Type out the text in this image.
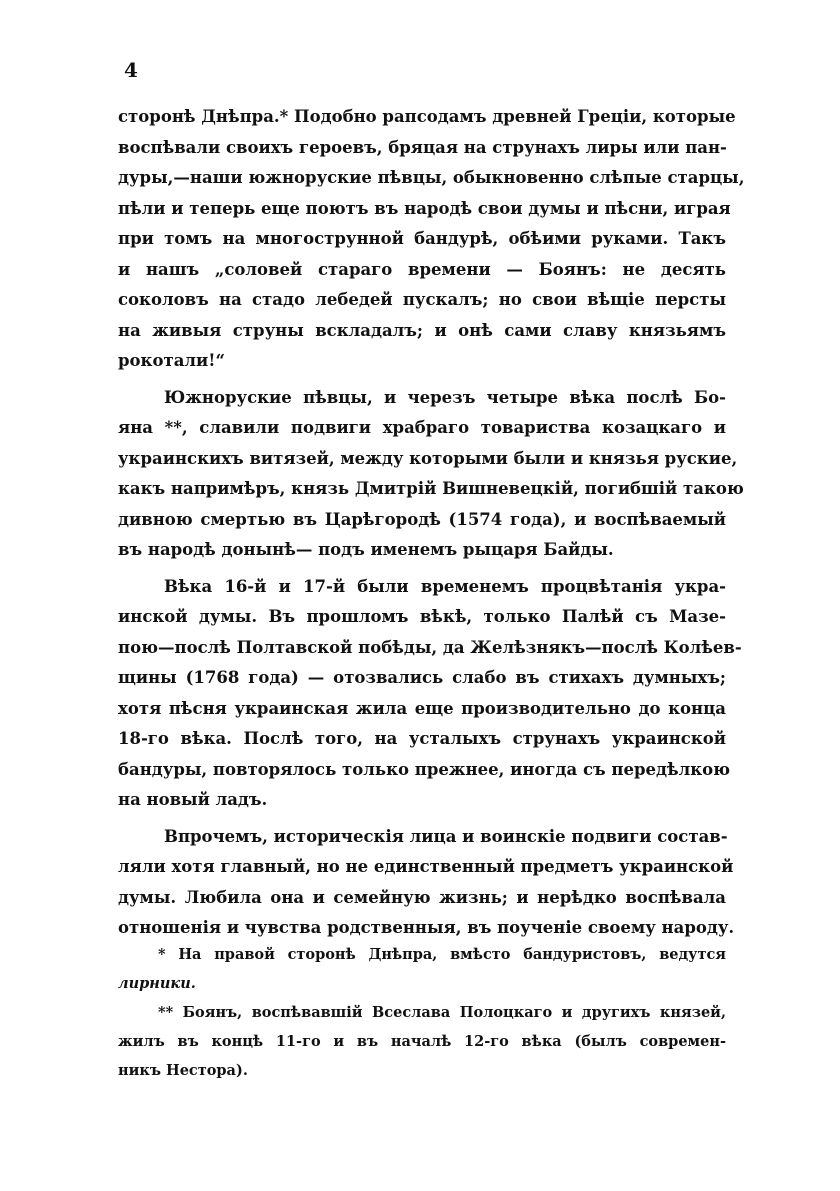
4
сторонѣ Днѣпра.* Подобно рапсодамъ древней Греціи, которые
воспѣвали своихъ героевъ, бряцая на струнахъ лиры или пан-
дуры,—наши южноруские пѣвцы, обыкновенно слѣпые старцы,
пѣли и теперь еще поютъ въ народѣ свои думы и пѣсни, играя
при томъ на многострунной бандурѣ, обѣими руками. Такъ
и нашъ „соловей стараго времени — Боянъ: не десять
соколовъ на стадо лебедей пускалъ; но свои вѣщіе персты
на живыя струны вскладалъ; и онѣ сами славу князьямъ
рокотали!“
Южноруские пѣвцы, и черезъ четыре вѣка послѣ Бо-
яна **, славили подвиги храбраго товариства козацкаго и
украинскихъ витязей, между которыми были и князья руские,
какъ напримѣръ, князь Дмитрій Вишневецкій, погибшій такою
дивною смертью въ Царѣгородѣ (1574 года), и воспѣваемый
въ народѣ донынѣ— подъ именемъ рыцаря Байды.
Вѣка 16-й и 17-й были временемъ процвѣтанія укра-
инской думы. Въ прошломъ вѣкѣ, только Палѣй съ Мазе-
пою—послѣ Полтавской побѣды, да Желѣзнякъ—послѣ Колѣев-
щины (1768 года) — отозвались слабо въ стихахъ думныхъ;
хотя пѣсня украинская жила еще производительно до конца
18-го вѣка. Послѣ того, на усталыхъ струнахъ украинской
бандуры, повторялось только прежнее, иногда съ передѣлкою
на новый ладъ.
Впрочемъ, историческія лица и воинскіе подвиги состав-
ляли хотя главный, но не единственный предметъ украинской
думы. Любила она и семейную жизнь; и нерѣдко воспѣвала
отношенія и чувства родственныя, въ поученіе своему народу.
* На правой сторонѣ Днѣпра, вмѣсто бандуристовъ, ведутся
лирники.
** Боянъ, воспѣвавшій Всеслава Полоцкаго и другихъ князей,
жилъ въ концѣ 11-го и въ началѣ 12-го вѣка (былъ современ-
никъ Нестора).
